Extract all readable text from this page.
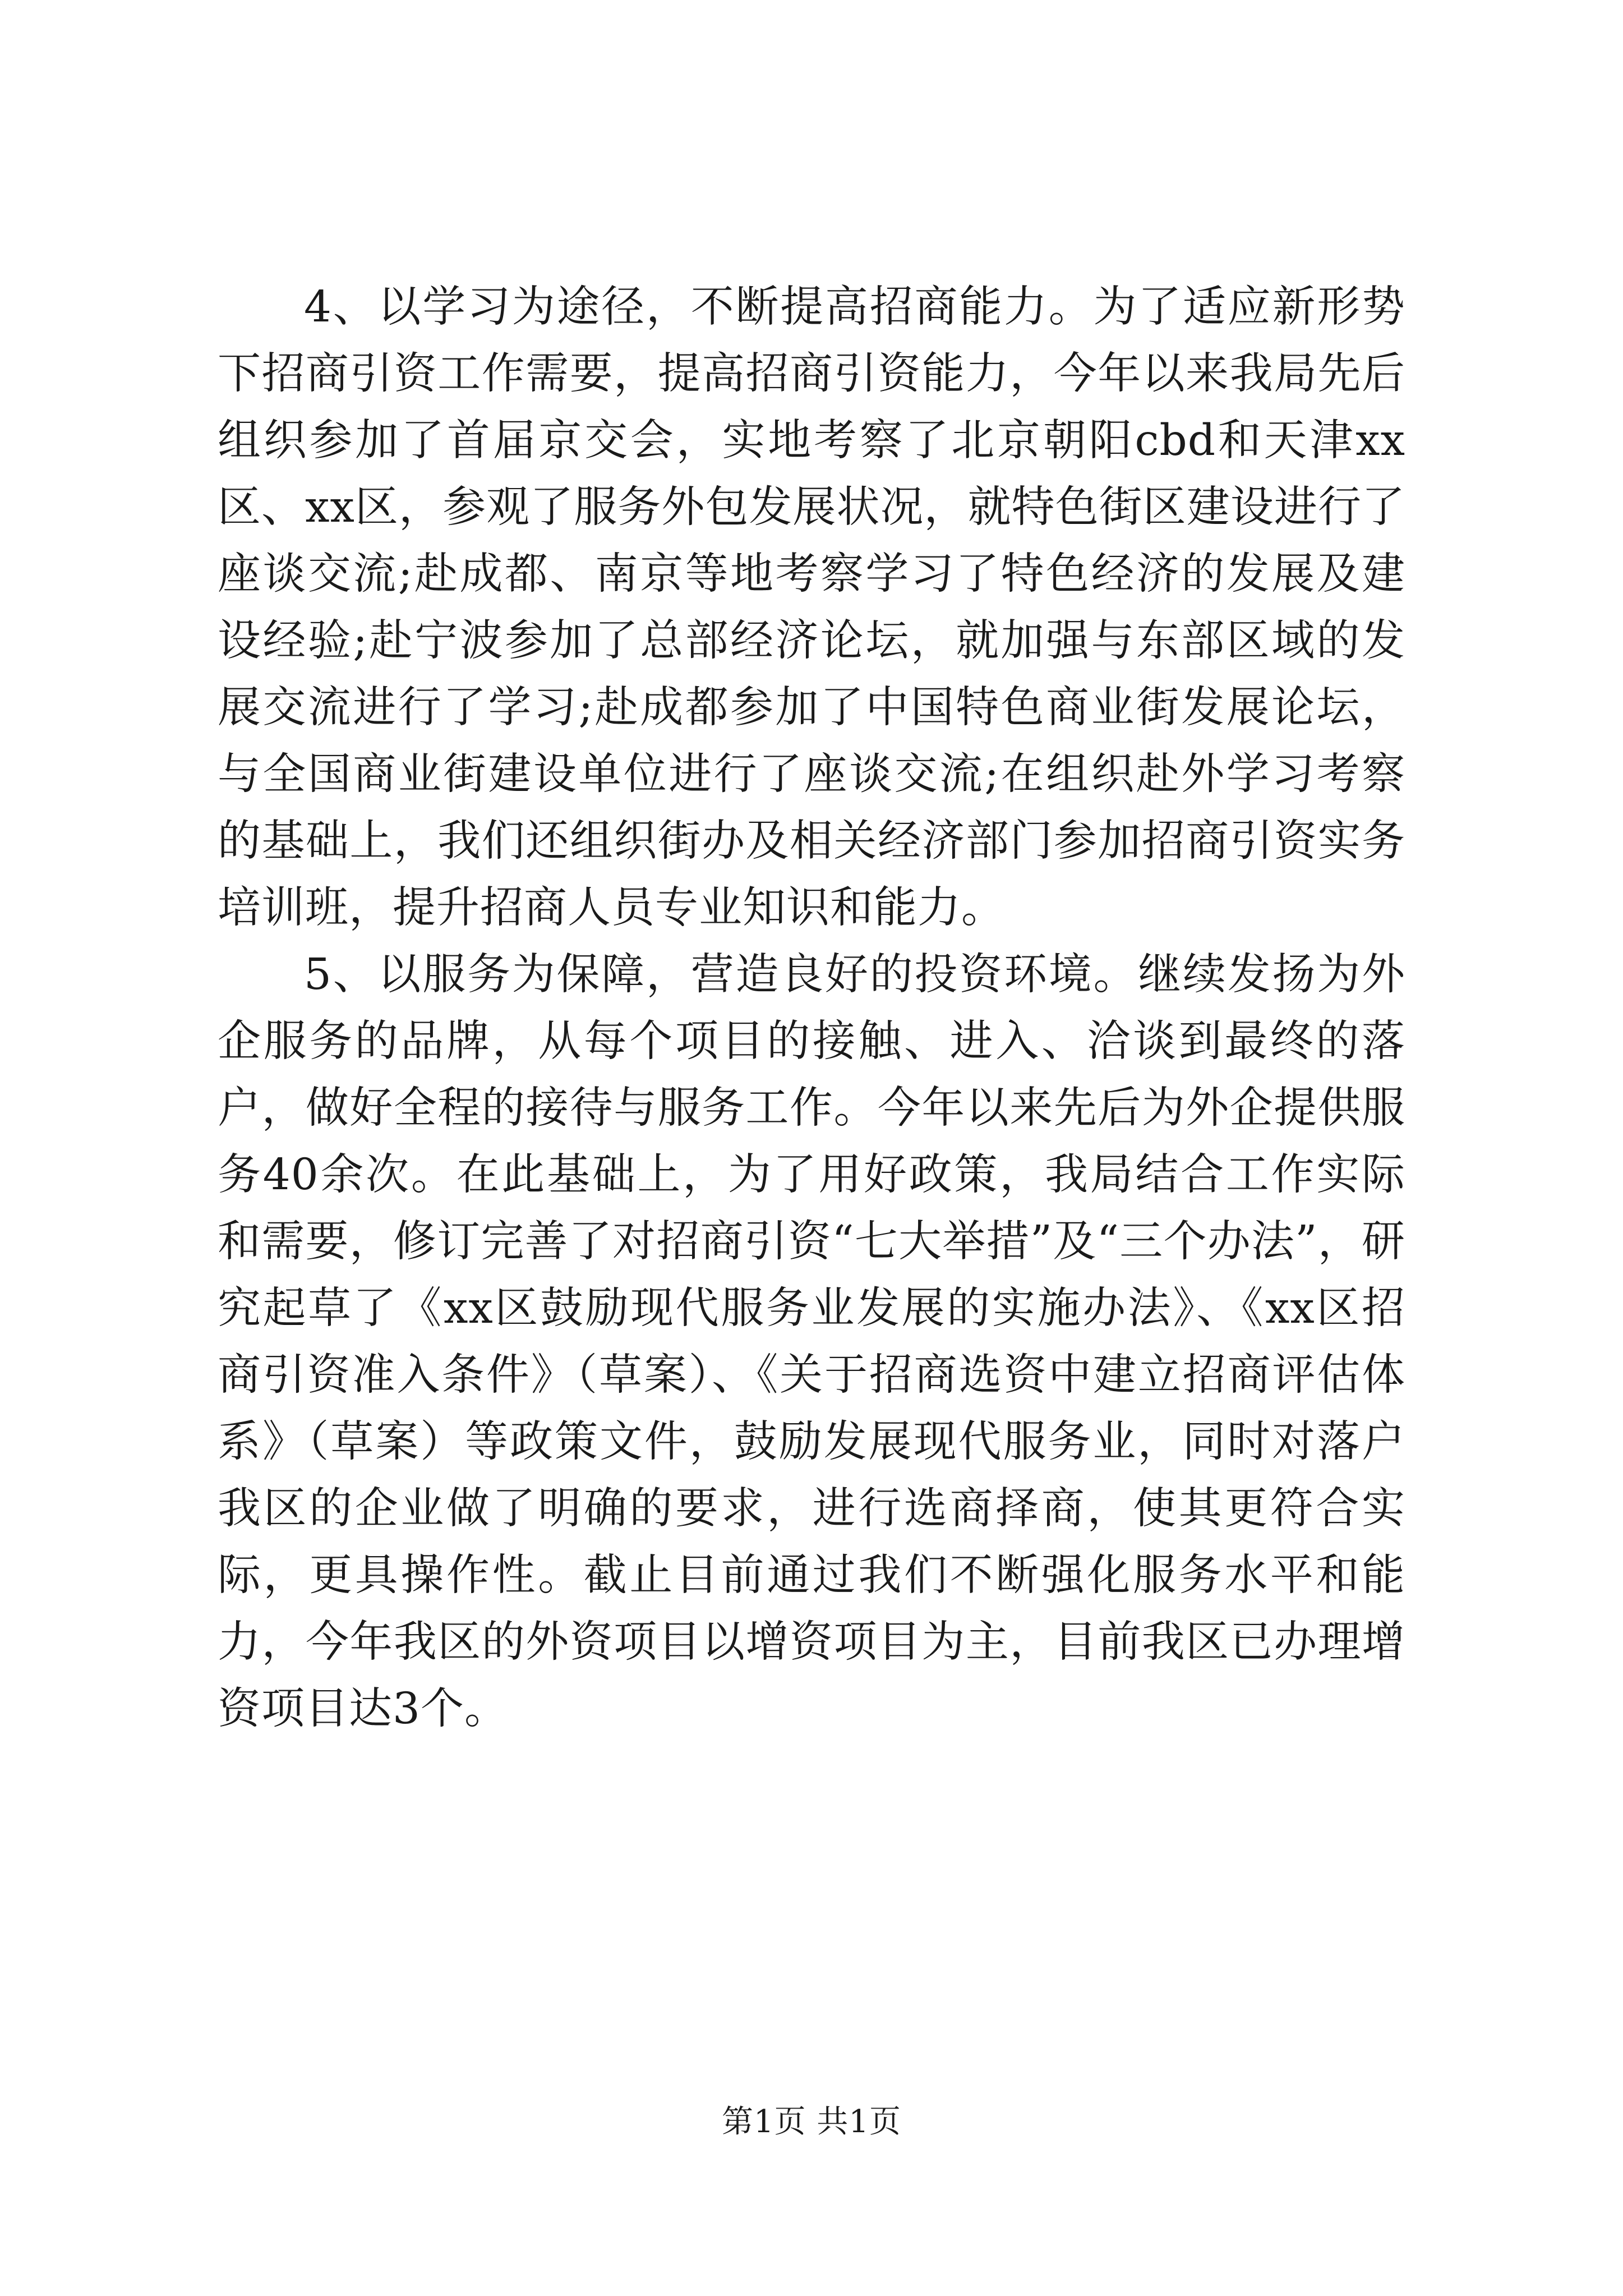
4、以学习为途径，不断提高招商能力。为了适应新形势下招商引资工作需要，提高招商引资能力，今年以来我局先后组织参加了首届京交会，实地考察了北京朝阳cbd和天津xx区、xx区，参观了服务外包发展状况，就特色街区建设进行了座谈交流;赴成都、南京等地考察学习了特色经济的发展及建设经验;赴宁波参加了总部经济论坛，就加强与东部区域的发展交流进行了学习;赴成都参加了中国特色商业街发展论坛，与全国商业街建设单位进行了座谈交流;在组织赴外学习考察的基础上，我们还组织街办及相关经济部门参加招商引资实务培训班，提升招商人员专业知识和能力。

5、以服务为保障，营造良好的投资环境。继续发扬为外企服务的品牌，从每个项目的接触、进入、洽谈到最终的落户，做好全程的接待与服务工作。今年以来先后为外企提供服务40余次。在此基础上，为了用好政策，我局结合工作实际和需要，修订完善了对招商引资“七大举措”及“三个办法”，研究起草了《xx区鼓励现代服务业发展的实施办法》、《xx区招商引资准入条件》（草案）、《关于招商选资中建立招商评估体系》（草案）等政策文件，鼓励发展现代服务业，同时对落户我区的企业做了明确的要求，进行选商择商，使其更符合实际，更具操作性。截止目前通过我们不断强化服务水平和能力，今年我区的外资项目以增资项目为主，目前我区已办理增资项目达3个。

第1页 共1页
